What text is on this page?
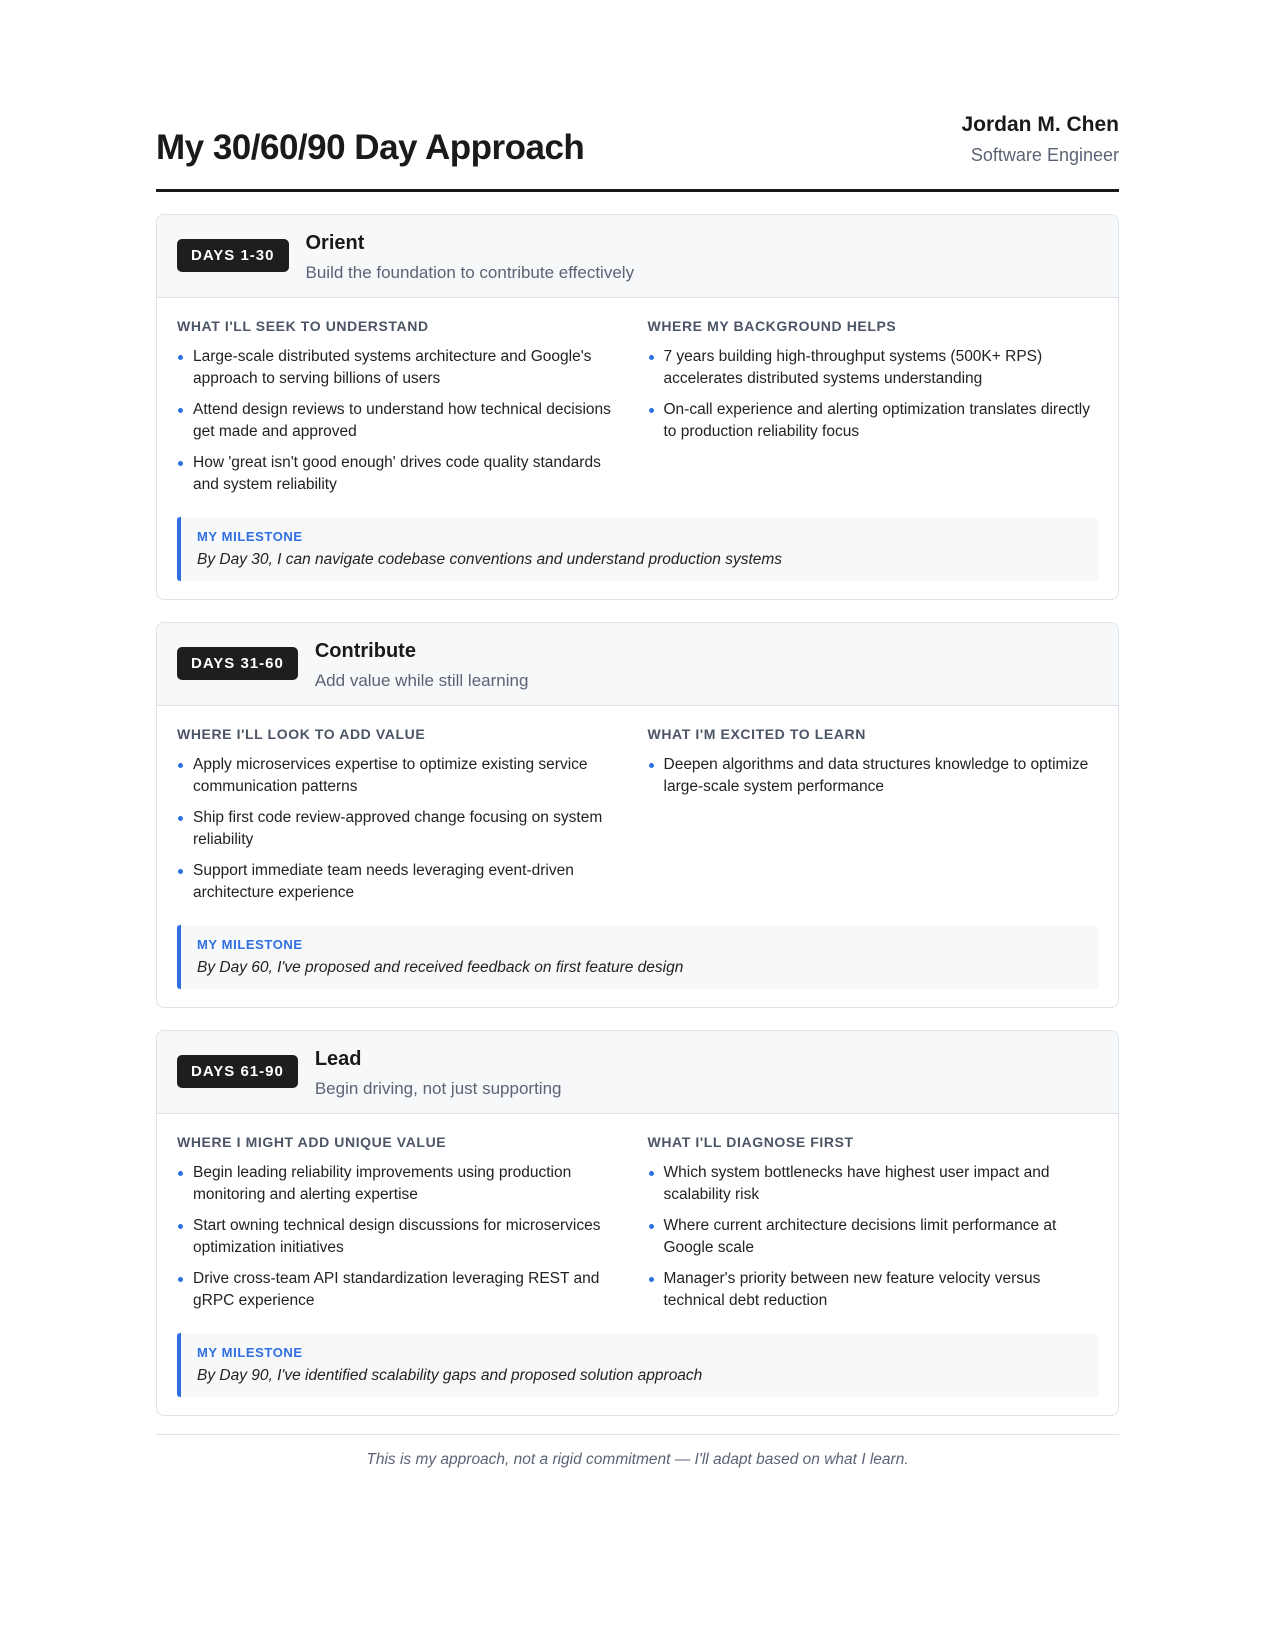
My 30/60/90 Day Approach
Jordan M. Chen
Software Engineer
DAYS 1-30
Orient
Build the foundation to contribute effectively
WHAT I'LL SEEK TO UNDERSTAND
Large-scale distributed systems architecture and Google's approach to serving billions of users
Attend design reviews to understand how technical decisions get made and approved
How 'great isn't good enough' drives code quality standards and system reliability
WHERE MY BACKGROUND HELPS
7 years building high-throughput systems (500K+ RPS) accelerates distributed systems understanding
On-call experience and alerting optimization translates directly to production reliability focus
MY MILESTONE
By Day 30, I can navigate codebase conventions and understand production systems
DAYS 31-60
Contribute
Add value while still learning
WHERE I'LL LOOK TO ADD VALUE
Apply microservices expertise to optimize existing service communication patterns
Ship first code review-approved change focusing on system reliability
Support immediate team needs leveraging event-driven architecture experience
WHAT I'M EXCITED TO LEARN
Deepen algorithms and data structures knowledge to optimize large-scale system performance
MY MILESTONE
By Day 60, I've proposed and received feedback on first feature design
DAYS 61-90
Lead
Begin driving, not just supporting
WHERE I MIGHT ADD UNIQUE VALUE
Begin leading reliability improvements using production monitoring and alerting expertise
Start owning technical design discussions for microservices optimization initiatives
Drive cross-team API standardization leveraging REST and gRPC experience
WHAT I'LL DIAGNOSE FIRST
Which system bottlenecks have highest user impact and scalability risk
Where current architecture decisions limit performance at Google scale
Manager's priority between new feature velocity versus technical debt reduction
MY MILESTONE
By Day 90, I've identified scalability gaps and proposed solution approach
This is my approach, not a rigid commitment — I'll adapt based on what I learn.
